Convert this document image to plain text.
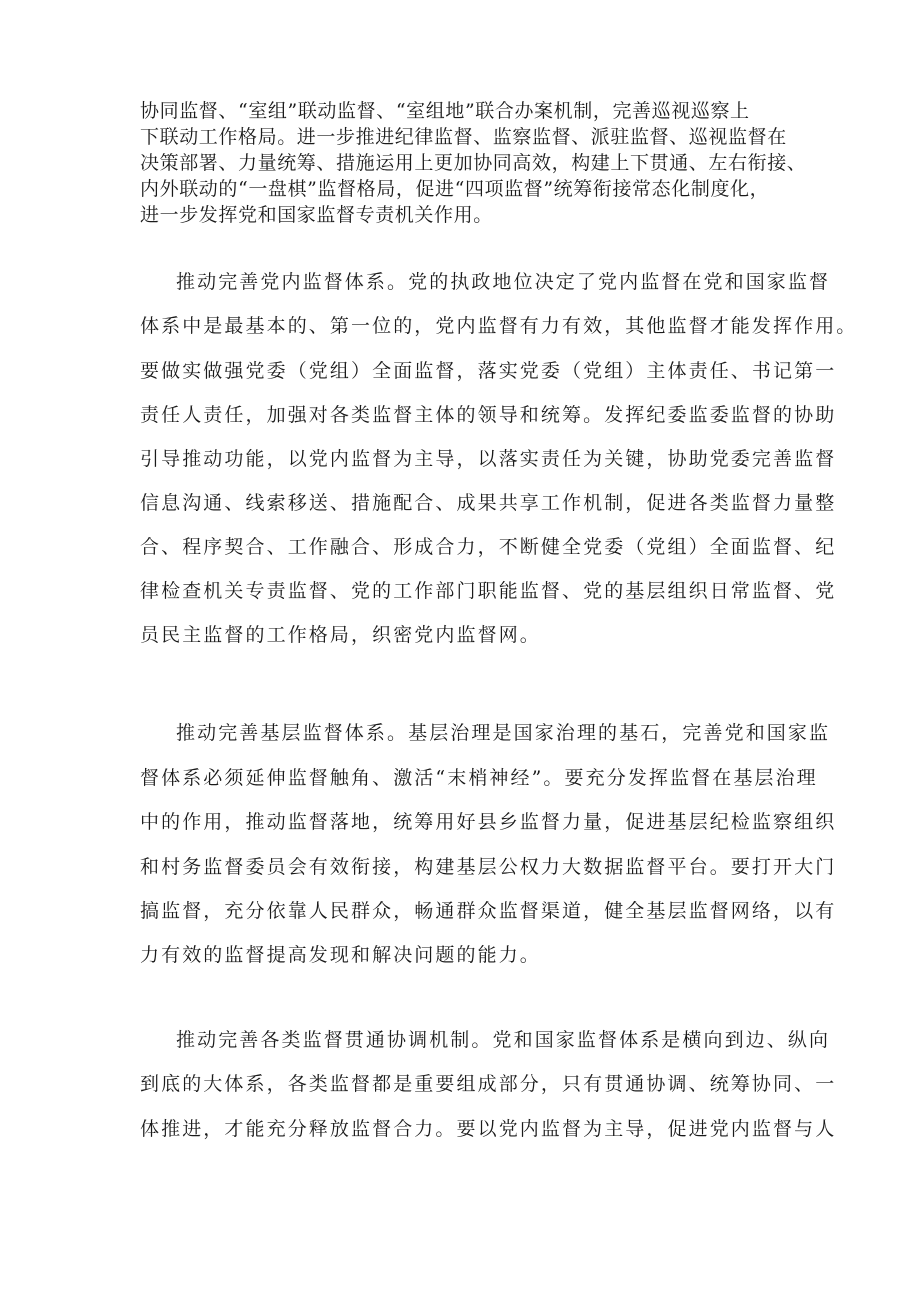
协同监督、“室组”联动监督、“室组地”联合办案机制，完善巡视巡察上
下联动工作格局。进一步推进纪律监督、监察监督、派驻监督、巡视监督在
决策部署、力量统筹、措施运用上更加协同高效，构建上下贯通、左右衔接、
内外联动的“一盘棋”监督格局，促进“四项监督”统筹衔接常态化制度化，
进一步发挥党和国家监督专责机关作用。
推动完善党内监督体系。党的执政地位决定了党内监督在党和国家监督
体系中是最基本的、第一位的，党内监督有力有效，其他监督才能发挥作用。
要做实做强党委（党组）全面监督，落实党委（党组）主体责任、书记第一
责任人责任，加强对各类监督主体的领导和统筹。发挥纪委监委监督的协助
引导推动功能，以党内监督为主导，以落实责任为关键，协助党委完善监督
信息沟通、线索移送、措施配合、成果共享工作机制，促进各类监督力量整
合、程序契合、工作融合、形成合力，不断健全党委（党组）全面监督、纪
律检查机关专责监督、党的工作部门职能监督、党的基层组织日常监督、党
员民主监督的工作格局，织密党内监督网。
推动完善基层监督体系。基层治理是国家治理的基石，完善党和国家监
督体系必须延伸监督触角、激活“末梢神经”。要充分发挥监督在基层治理
中的作用，推动监督落地，统筹用好县乡监督力量，促进基层纪检监察组织
和村务监督委员会有效衔接，构建基层公权力大数据监督平台。要打开大门
搞监督，充分依靠人民群众，畅通群众监督渠道，健全基层监督网络，以有
力有效的监督提高发现和解决问题的能力。
推动完善各类监督贯通协调机制。党和国家监督体系是横向到边、纵向
到底的大体系，各类监督都是重要组成部分，只有贯通协调、统筹协同、一
体推进，才能充分释放监督合力。要以党内监督为主导，促进党内监督与人
